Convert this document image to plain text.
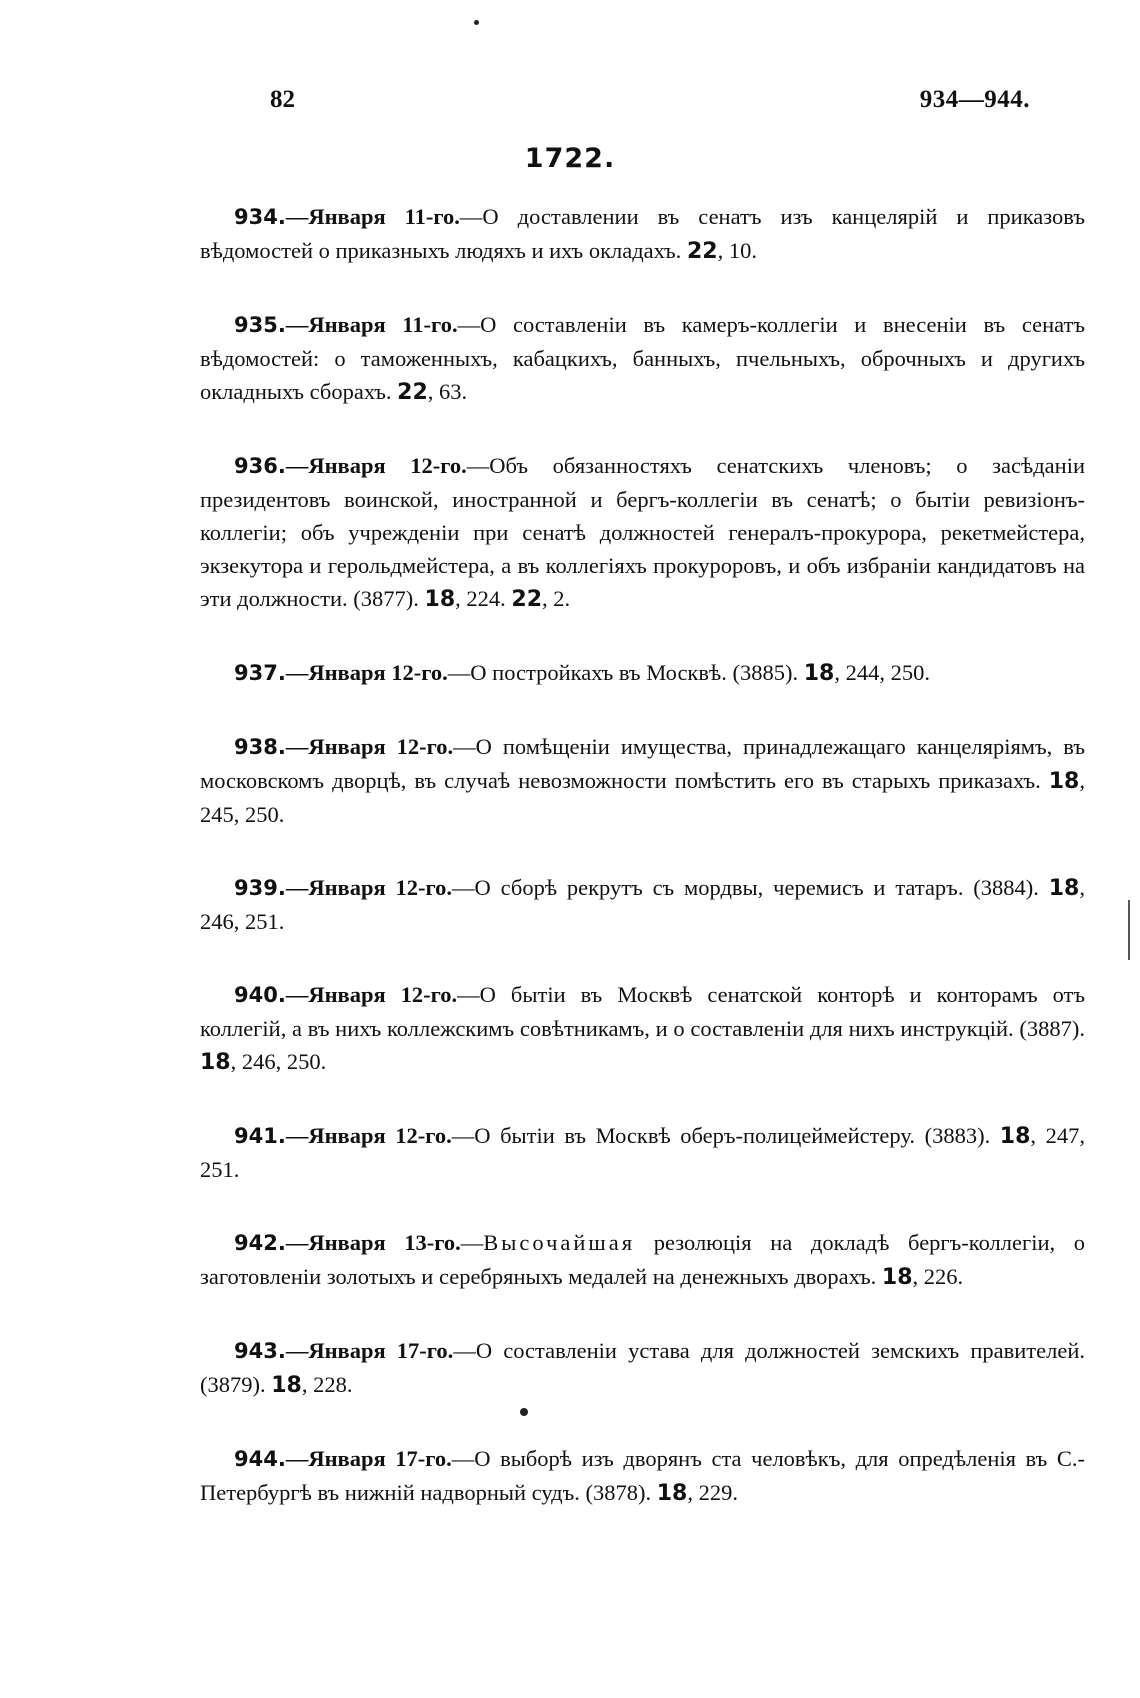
82	934—944.
1722.

934.—Января 11-го.—О доставлении въ сенатъ изъ канцелярій и приказовъ вѣдомостей о приказныхъ людяхъ и ихъ окладахъ. 22, 10.

935.—Января 11-го.—О составленіи въ камеръ-коллегіи и внесеніи въ сенатъ вѣдомостей: о таможенныхъ, кабацкихъ, банныхъ, пчельныхъ, оброчныхъ и другихъ окладныхъ сборахъ. 22, 63.

936.—Января 12-го.—Объ обязанностяхъ сенатскихъ членовъ; о засѣданіи президентовъ воинской, иностранной и бергъ-коллегіи въ сенатѣ; о бытіи ревизіонъ-коллегіи; объ учрежденіи при сенатѣ должностей генералъ-прокурора, рекетмейстера, экзекутора и герольдмейстера, а въ коллегіяхъ прокуроровъ, и объ избраніи кандидатовъ на эти должности. (3877). 18, 224. 22, 2.

937.—Января 12-го.—О постройкахъ въ Москвѣ. (3885). 18, 244, 250.

938.—Января 12-го.—О помѣщеніи имущества, принадлежащаго канцеляріямъ, въ московскомъ дворцѣ, въ случаѣ невозможности помѣстить его въ старыхъ приказахъ. 18, 245, 250.

939.—Января 12-го.—О сборѣ рекрутъ съ мордвы, черемисъ и татаръ. (3884). 18, 246, 251.

940.—Января 12-го.—О бытіи въ Москвѣ сенатской конторѣ и конторамъ отъ коллегій, а въ нихъ коллежскимъ совѣтникамъ, и о составленіи для нихъ инструкцій. (3887). 18, 246, 250.

941.—Января 12-го.—О бытіи въ Москвѣ оберъ-полицеймейстеру. (3883). 18, 247, 251.

942.—Января 13-го.—Высочайшая резолюція на докладѣ бергъ-коллегіи, о заготовленіи золотыхъ и серебряныхъ медалей на денежныхъ дворахъ. 18, 226.

943.—Января 17-го.—О составленіи устава для должностей земскихъ правителей. (3879). 18, 228.

944.—Января 17-го.—О выборѣ изъ дворянъ ста человѣкъ, для опредѣленія въ С.-Петербургѣ въ нижній надворный судъ. (3878). 18, 229.
